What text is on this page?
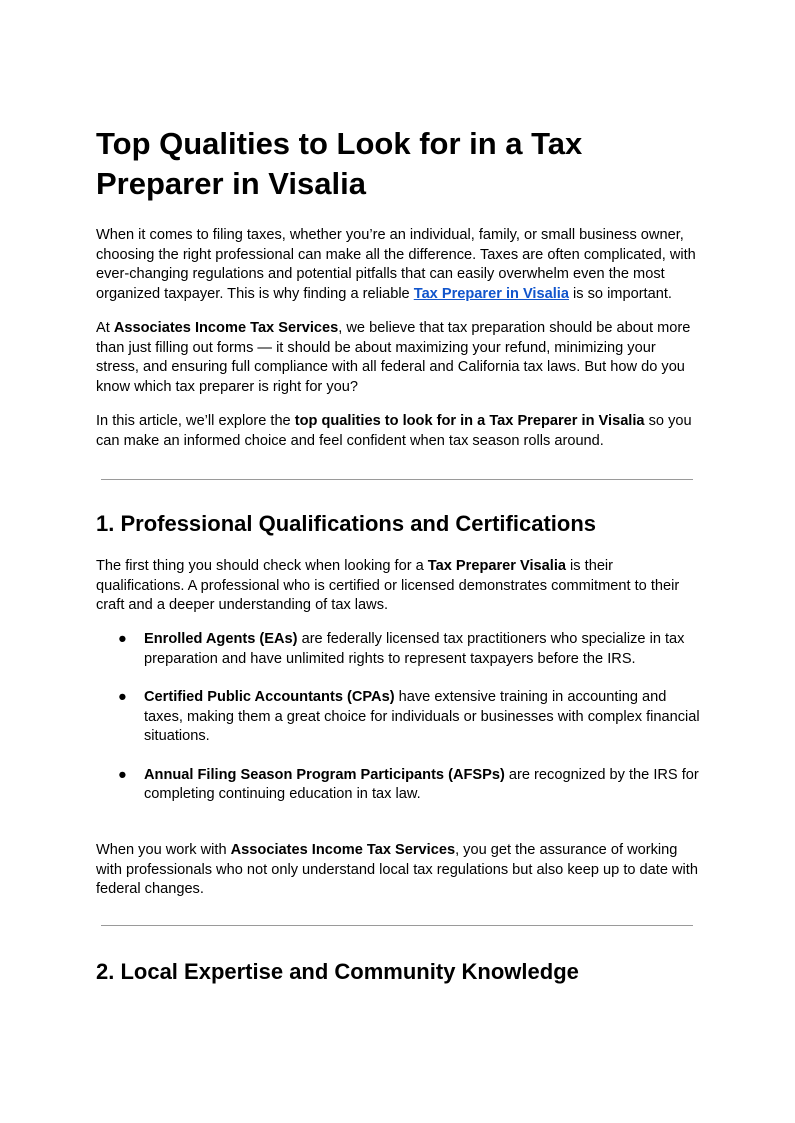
Top Qualities to Look for in a Tax Preparer in Visalia

When it comes to filing taxes, whether you’re an individual, family, or small business owner, choosing the right professional can make all the difference. Taxes are often complicated, with ever-changing regulations and potential pitfalls that can easily overwhelm even the most organized taxpayer. This is why finding a reliable Tax Preparer in Visalia is so important.

At Associates Income Tax Services, we believe that tax preparation should be about more than just filling out forms — it should be about maximizing your refund, minimizing your stress, and ensuring full compliance with all federal and California tax laws. But how do you know which tax preparer is right for you?

In this article, we’ll explore the top qualities to look for in a Tax Preparer in Visalia so you can make an informed choice and feel confident when tax season rolls around.

1. Professional Qualifications and Certifications

The first thing you should check when looking for a Tax Preparer Visalia is their qualifications. A professional who is certified or licensed demonstrates commitment to their craft and a deeper understanding of tax laws.

● Enrolled Agents (EAs) are federally licensed tax practitioners who specialize in tax preparation and have unlimited rights to represent taxpayers before the IRS.
● Certified Public Accountants (CPAs) have extensive training in accounting and taxes, making them a great choice for individuals or businesses with complex financial situations.
● Annual Filing Season Program Participants (AFSPs) are recognized by the IRS for completing continuing education in tax law.

When you work with Associates Income Tax Services, you get the assurance of working with professionals who not only understand local tax regulations but also keep up to date with federal changes.

2. Local Expertise and Community Knowledge
